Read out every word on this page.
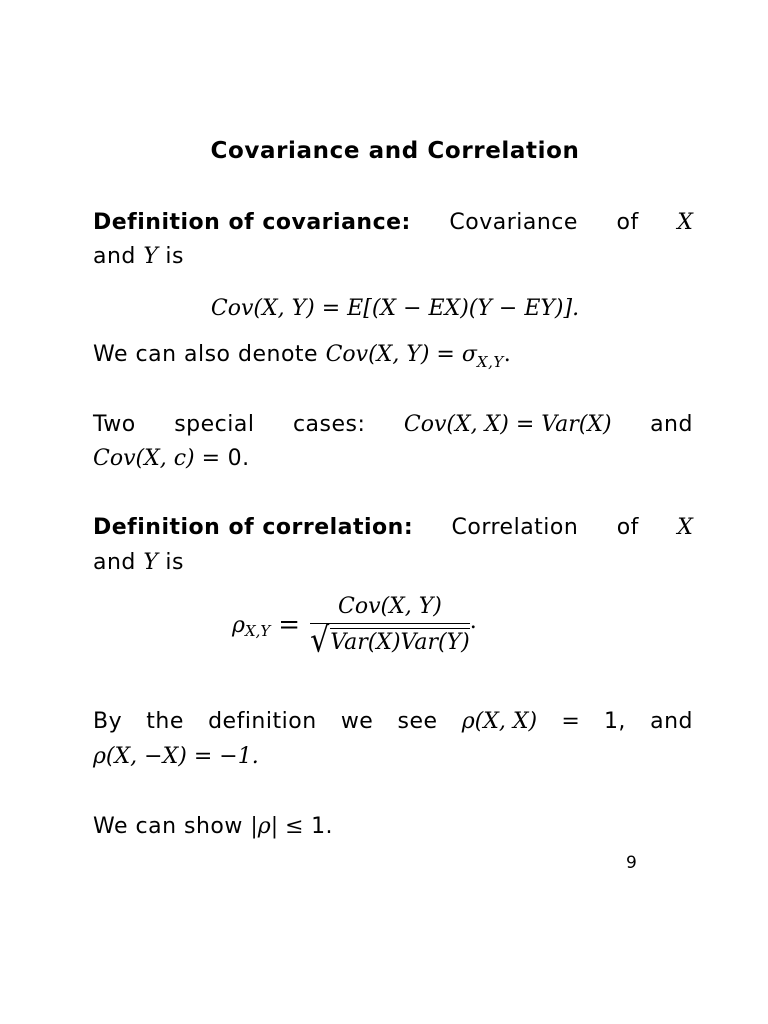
Covariance and Correlation
Definition of covariance: Covariance of X
and Y is
Cov(X, Y) = E[(X − EX)(Y − EY)].
We can also denote Cov(X, $Y) = \sigma_{X,Y}$.
Two special cases: Cov(X, X) = Var(X) and
Cov(X, c) = 0.
Definition of correlation: Correlation of X
and Y is
ρ $X,Y = \frac{\text{Cov(X, Y)}}{\text{√ Var(X)Var(Y)}}$ .
By the definition we see ρ(X, X) = 1, and
ρ(X, −X) = −1.
We can show |ρ| ≤ 1.
9
